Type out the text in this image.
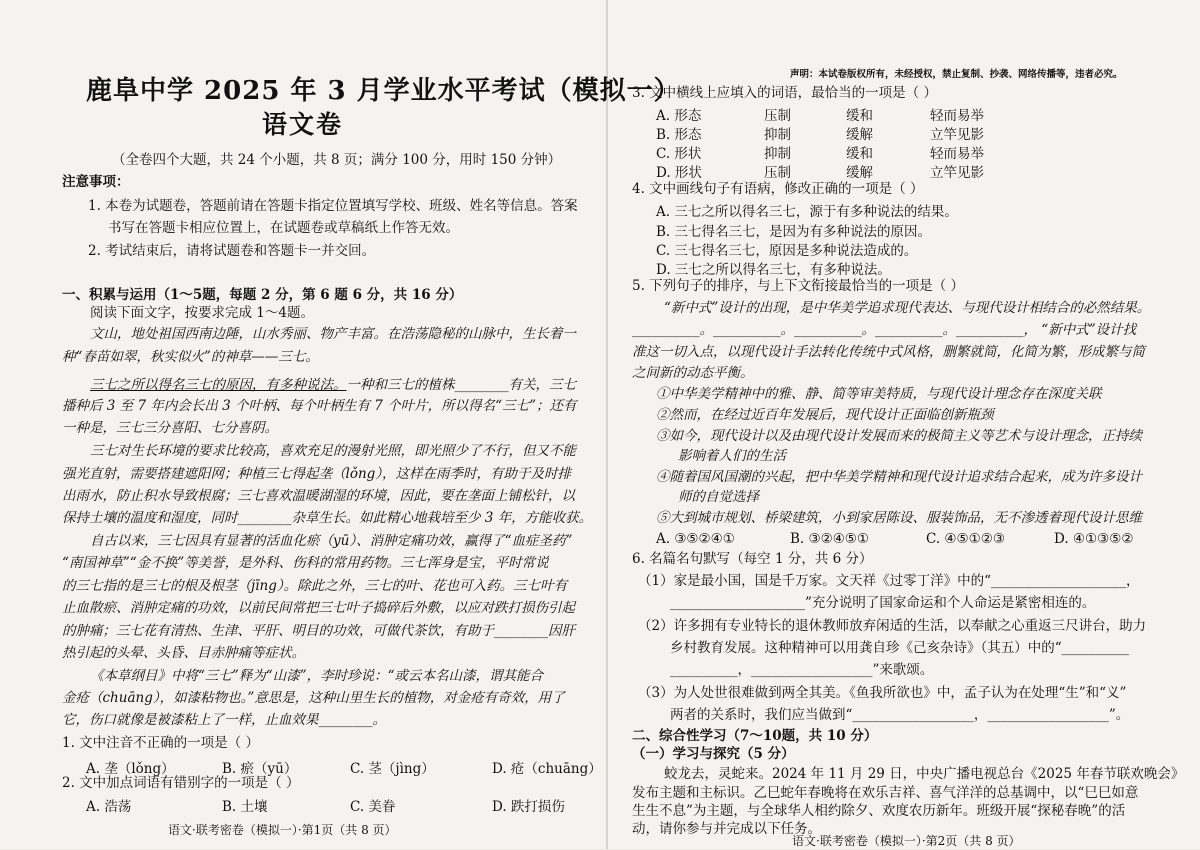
鹿阜中学 2025 年 3 月学业水平考试（模拟一）
语文卷
（全卷四个大题，共 24 个小题，共 8 页；满分 100 分，用时 150 分钟）
注意事项：
1. 本卷为试题卷，答题前请在答题卡指定位置填写学校、班级、姓名等信息。答案
书写在答题卡相应位置上，在试题卷或草稿纸上作答无效。
2. 考试结束后，请将试题卷和答题卡一并交回。
一、积累与运用（1～5题，每题 2 分，第 6 题 6 分，共 16 分）
阅读下面文字，按要求完成 1～4题。
文山，地处祖国西南边陲，山水秀丽、物产丰富。在浩荡隐秘的山脉中，生长着一
种“春苗如翠，秋实似火”的神草——三七。
三七之所以得名三七的原因，有多种说法。一种和三七的植株________有关，三七
播种后 3 至 7 年内会长出 3 个叶柄、每个叶柄生有 7 个叶片，所以得名“三七”；还有
一种是，三七三分喜阳、七分喜阴。
三七对生长环境的要求比较高，喜欢充足的漫射光照，即光照少了不行，但又不能
强光直射，需要搭建遮阳网；种植三七得起垄（lǒng），这样在雨季时，有助于及时排
出雨水，防止积水导致根腐；三七喜欢温暖湖湿的环境，因此，要在垄面上铺松针，以
保持土壤的温度和湿度，同时________杂草生长。如此精心地栽培至少 3 年，方能收获。
自古以来，三七因具有显著的活血化瘀（yū）、消肿定痛功效，赢得了“血症圣药”
“南国神草”“金不换”等美誉，是外科、伤科的常用药物。三七浑身是宝，平时常说
的三七指的是三七的根及根茎（jīng）。除此之外，三七的叶、花也可入药。三七叶有
止血散瘀、消肿定痛的功效，以前民间常把三七叶子捣碎后外敷，以应对跌打损伤引起
的肿痛；三七花有清热、生津、平肝、明目的功效，可做代茶饮，有助于________因肝
热引起的头晕、头昏、目赤肿痛等症状。
《本草纲目》中将“三七”释为“山漆”，李时珍说：“或云本名山漆，谓其能合
金疮（chuāng），如漆粘物也。”意思是，这种山里生长的植物，对金疮有奇效，用了
它，伤口就像是被漆粘上了一样，止血效果________。
1. 文中注音不正确的一项是（ ）
A. 垄（lǒng）	B. 瘀（yū）	C. 茎（jìng）	D. 疮（chuāng）
2. 文中加点词语有错别字的一项是（ ）
A. 浩荡	B. 土壤	C. 美眷	D. 跌打损伤
语文·联考密卷（模拟一）·第1页（共 8 页）
声明：本试卷版权所有，未经授权，禁止复制、抄袭、网络传播等，违者必究。
3. 文中横线上应填入的词语，最恰当的一项是（ ）
A. 形态	压制	缓和	轻而易举
B. 形态	抑制	缓解	立竿见影
C. 形状	抑制	缓和	轻而易举
D. 形状	压制	缓解	立竿见影
4. 文中画线句子有语病，修改正确的一项是（ ）
A. 三七之所以得名三七，源于有多种说法的结果。
B. 三七得名三七，是因为有多种说法的原因。
C. 三七得名三七，原因是多种说法造成的。
D. 三七之所以得名三七，有多种说法。
5. 下列句子的排序，与上下文衔接最恰当的一项是（ ）
“新中式”设计的出现，是中华美学追求现代表达、与现代设计相结合的必然结果。
__________。__________。__________。__________。__________， “新中式”设计找
准这一切入点，以现代设计手法转化传统中式风格，删繁就简，化简为繁，形成繁与简
之间新的动态平衡。
①中华美学精神中的雅、静、简等审美特质，与现代设计理念存在深度关联
②然而，在经过近百年发展后，现代设计正面临创新瓶颈
③如今，现代设计以及由现代设计发展而来的极简主义等艺术与设计理念，正持续
影响着人们的生活
④随着国风国潮的兴起，把中华美学精神和现代设计追求结合起来，成为许多设计
师的自觉选择
⑤大到城市规划、桥梁建筑，小到家居陈设、服装饰品，无不渗透着现代设计思维
A. ③⑤②④①	B. ③②④⑤①	C. ④⑤①②③	D. ④①③⑤②
6. 名篇名句默写（每空 1 分，共 6 分）
（1）家是最小国，国是千万家。文天祥《过零丁洋》中的“____________________，
____________________”充分说明了国家命运和个人命运是紧密相连的。
（2）许多拥有专业特长的退休教师放弃闲适的生活，以奉献之心重返三尺讲台，助力
乡村教育发展。这种精神可以用龚自珍《己亥杂诗》（其五）中的“__________
__________，__________________”来歌颂。
（3）为人处世很难做到两全其美。《鱼我所欲也》中，孟子认为在处理“生”和“义”
两者的关系时，我们应当做到“__________________，__________________”。
二、综合性学习（7～10题，共 10 分）
（一）学习与探究（5 分）
蛟龙去，灵蛇来。2024 年 11 月 29 日，中央广播电视总台《2025 年春节联欢晚会》
发布主题和主标识。乙巳蛇年春晚将在欢乐吉祥、喜气洋洋的总基调中，以“巳巳如意
生生不息”为主题，与全球华人相约除夕、欢度农历新年。班级开展“探秘春晚”的活
动，请你参与并完成以下任务。
语文·联考密卷（模拟一）·第2页（共 8 页）
